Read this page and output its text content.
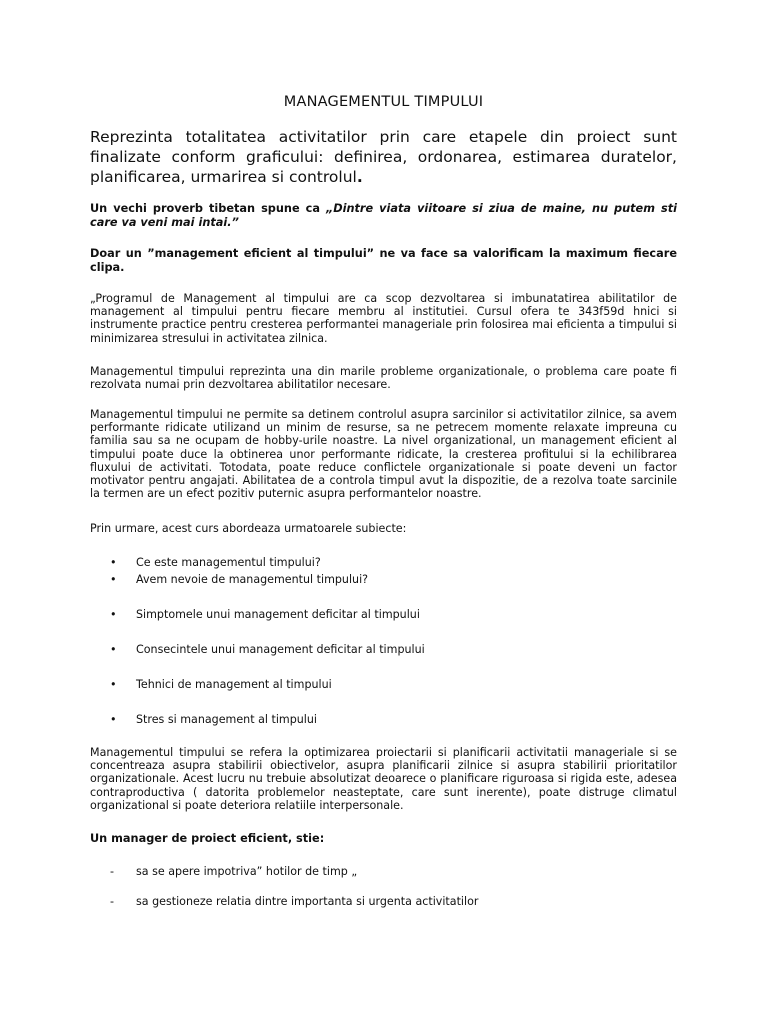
MANAGEMENTUL TIMPULUI
Reprezinta totalitatea activitatilor prin care etapele din proiect sunt finalizate conform graficului: definirea, ordonarea, estimarea duratelor, planificarea, urmarirea si controlul.
Un vechi proverb tibetan spune ca „Dintre viata viitoare si ziua de maine, nu putem sti care va veni mai intai.”
Doar un ”management eficient al timpului” ne va face sa valorificam la maximum fiecare clipa.
„Programul de Management al timpului are ca scop dezvoltarea si imbunatatirea abilitatilor de management al timpului pentru fiecare membru al institutiei. Cursul ofera te 343f59d hnici si instrumente practice pentru cresterea performantei manageriale prin folosirea mai eficienta a timpului si minimizarea stresului in activitatea zilnica.
Managementul timpului reprezinta una din marile probleme organizationale, o problema care poate fi rezolvata numai prin dezvoltarea abilitatilor necesare.
Managementul timpului ne permite sa detinem controlul asupra sarcinilor si activitatilor zilnice, sa avem performante ridicate utilizand un minim de resurse, sa ne petrecem momente relaxate impreuna cu familia sau sa ne ocupam de hobby-urile noastre. La nivel organizational, un management eficient al timpului poate duce la obtinerea unor performante ridicate, la cresterea profitului si la echilibrarea fluxului de activitati. Totodata, poate reduce conflictele organizationale si poate deveni un factor motivator pentru angajati. Abilitatea de a controla timpul avut la dispozitie, de a rezolva toate sarcinile la termen are un efect pozitiv puternic asupra performantelor noastre.
Prin urmare, acest curs abordeaza urmatoarele subiecte:
• Ce este managementul timpului?
• Avem nevoie de managementul timpului?
• Simptomele unui management deficitar al timpului
• Consecintele unui management deficitar al timpului
• Tehnici de management al timpului
• Stres si management al timpului
Managementul timpului se refera la optimizarea proiectarii si planificarii activitatii manageriale si se concentreaza asupra stabilirii obiectivelor, asupra planificarii zilnice si asupra stabilirii prioritatilor organizationale. Acest lucru nu trebuie absolutizat deoarece o planificare riguroasa si rigida este, adesea contraproductiva ( datorita problemelor neasteptate, care sunt inerente), poate distruge climatul organizational si poate deteriora relatiile interpersonale.
Un manager de proiect eficient, stie:
- sa se apere impotriva” hotilor de timp „
- sa gestioneze relatia dintre importanta si urgenta activitatilor
